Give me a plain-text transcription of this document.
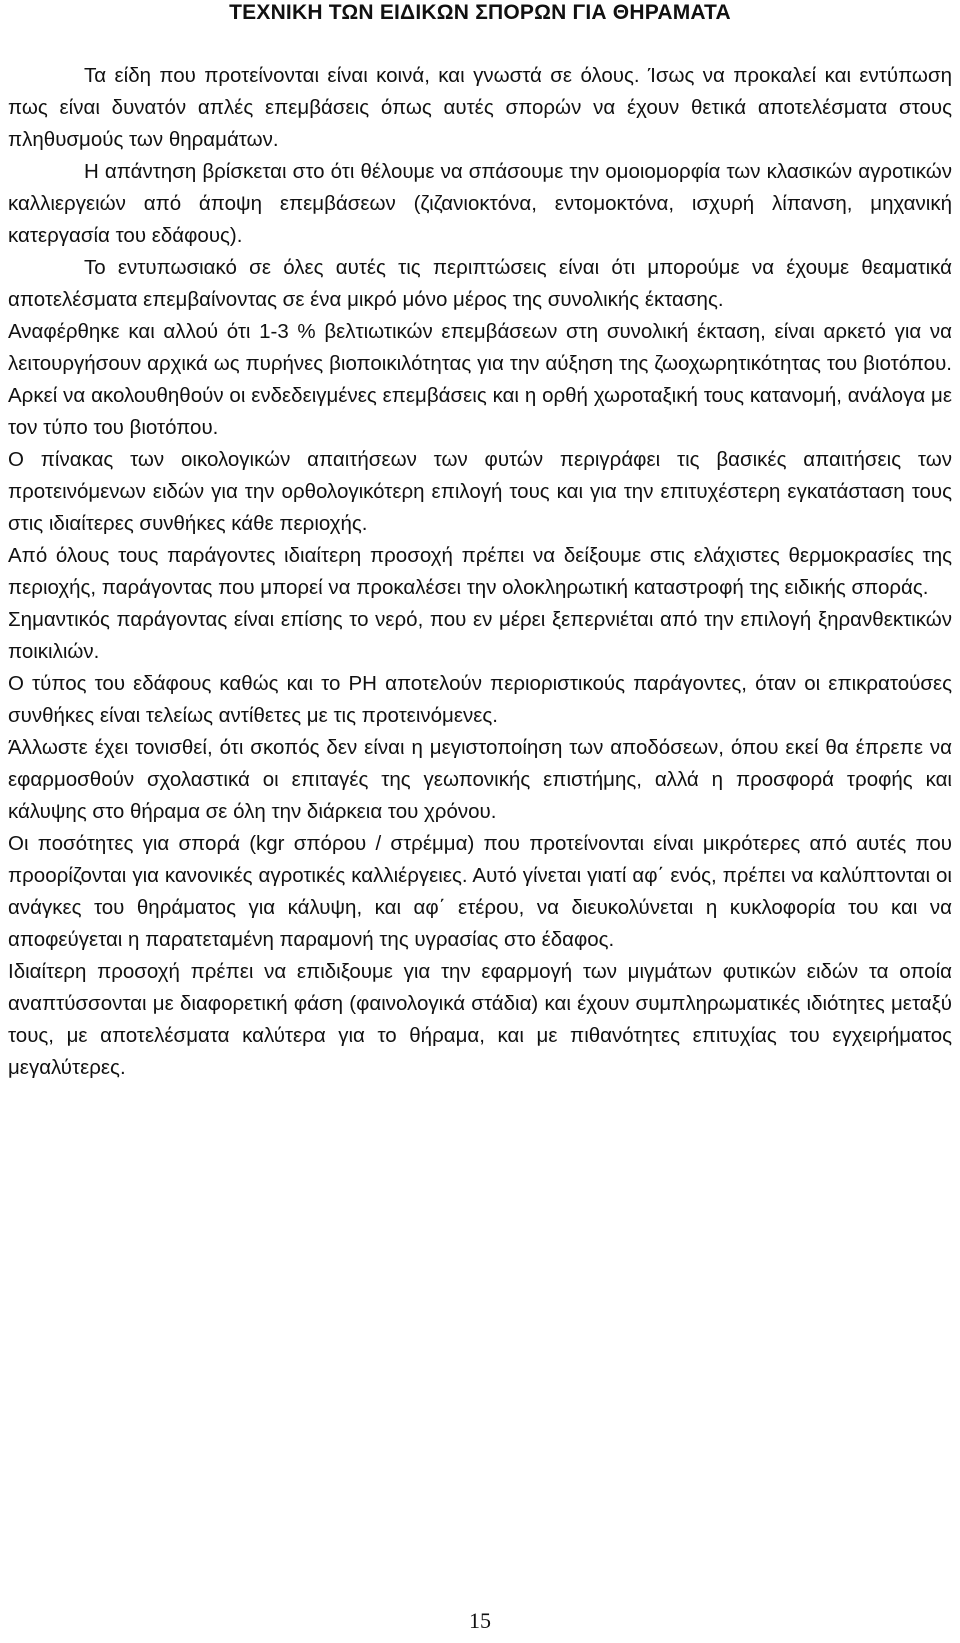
ΤΕΧΝΙΚΗ ΤΩΝ ΕΙΔΙΚΩΝ ΣΠΟΡΩΝ ΓΙΑ ΘΗΡΑΜΑΤΑ

Τα είδη που προτείνονται είναι κοινά, και γνωστά σε όλους. Ίσως να προκαλεί και εντύπωση πως είναι δυνατόν απλές επεμβάσεις όπως αυτές σπορών να έχουν θετικά αποτελέσματα στους πληθυσμούς των θηραμάτων.

Η απάντηση βρίσκεται στο ότι θέλουμε να σπάσουμε την ομοιομορφία των κλασικών αγροτικών καλλιεργειών από άποψη επεμβάσεων (ζιζανιοκτόνα, εντομοκτόνα, ισχυρή λίπανση, μηχανική κατεργασία του εδάφους).

Το εντυπωσιακό σε όλες αυτές τις περιπτώσεις είναι ότι μπορούμε να έχουμε θεαματικά αποτελέσματα επεμβαίνοντας σε ένα μικρό μόνο μέρος της συνολικής έκτασης.

Αναφέρθηκε και αλλού ότι 1-3 % βελτιωτικών επεμβάσεων στη συνολική έκταση, είναι αρκετό για να λειτουργήσουν αρχικά ως πυρήνες βιοποικιλότητας για την αύξηση της ζωοχωρητικότητας του βιοτόπου. Αρκεί να ακολουθηθούν οι ενδεδειγμένες επεμβάσεις και η ορθή χωροταξική τους κατανομή, ανάλογα με τον τύπο του βιοτόπου.

Ο πίνακας των οικολογικών απαιτήσεων των φυτών περιγράφει τις βασικές απαιτήσεις των προτεινόμενων ειδών για την ορθολογικότερη επιλογή τους και για την επιτυχέστερη εγκατάσταση τους στις ιδιαίτερες συνθήκες κάθε περιοχής.

Από όλους τους παράγοντες ιδιαίτερη προσοχή πρέπει να δείξουμε στις ελάχιστες θερμοκρασίες της περιοχής, παράγοντας που μπορεί να προκαλέσει την ολοκληρωτική καταστροφή της ειδικής σποράς.

Σημαντικός παράγοντας είναι επίσης το νερό, που εν μέρει ξεπερνιέται από την επιλογή ξηρανθεκτικών ποικιλιών.

Ο τύπος του εδάφους καθώς και το PH αποτελούν περιοριστικούς παράγοντες, όταν οι επικρατούσες συνθήκες είναι τελείως αντίθετες με τις προτεινόμενες.

Άλλωστε έχει τονισθεί, ότι σκοπός δεν είναι η μεγιστοποίηση των αποδόσεων, όπου εκεί θα έπρεπε να εφαρμοσθούν σχολαστικά οι επιταγές της γεωπονικής επιστήμης, αλλά η προσφορά τροφής και κάλυψης στο θήραμα σε όλη την διάρκεια του χρόνου.

Οι ποσότητες για σπορά (kgr σπόρου / στρέμμα) που προτείνονται είναι μικρότερες από αυτές που προορίζονται για κανονικές αγροτικές καλλιέργειες. Αυτό γίνεται γιατί αφ΄ ενός, πρέπει να καλύπτονται οι ανάγκες του θηράματος για κάλυψη, και αφ΄ ετέρου, να διευκολύνεται η κυκλοφορία του και να αποφεύγεται η παρατεταμένη παραμονή της υγρασίας στο έδαφος.

Ιδιαίτερη προσοχή πρέπει να επιδιξουμε για την εφαρμογή των μιγμάτων φυτικών ειδών τα οποία αναπτύσσονται με διαφορετική φάση (φαινολογικά στάδια) και έχουν συμπληρωματικές ιδιότητες μεταξύ τους, με αποτελέσματα καλύτερα για το θήραμα, και με πιθανότητες επιτυχίας του εγχειρήματος μεγαλύτερες.

15
